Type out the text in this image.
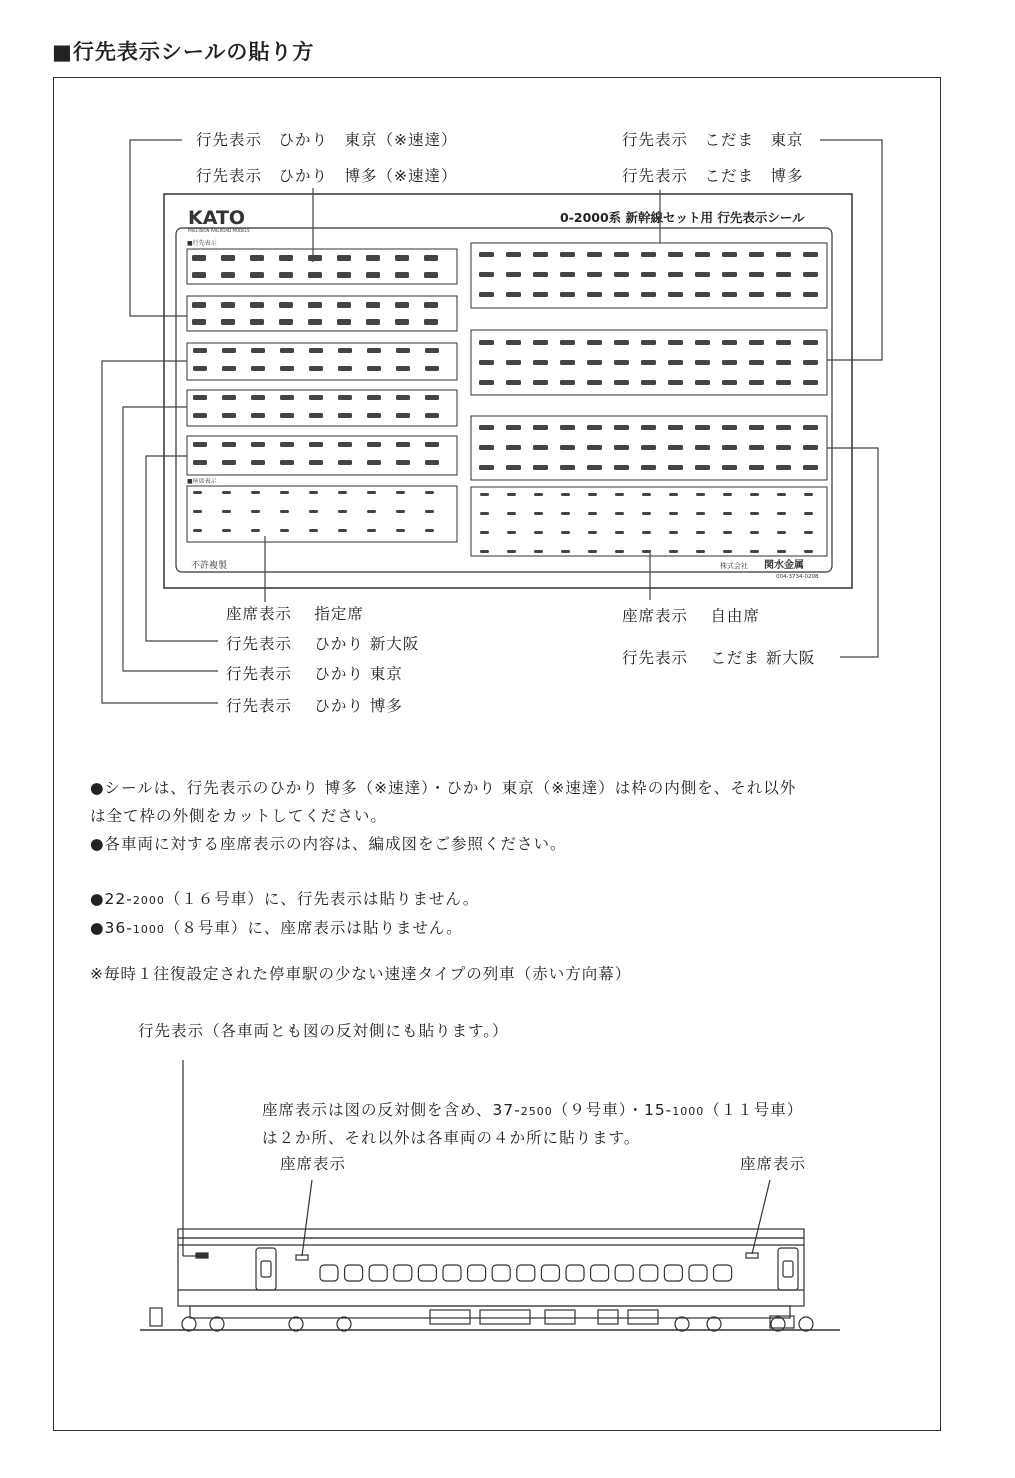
■行先表示シールの貼り方
KATO
PRECISION RAILROAD MODELS
0-2000系 新幹線セット用 行先表示シール
■行先表示
■座席表示
不許複製	株式会社 関水金属
004-3734-0208
行先表示　ひかり　東京（※速達）
行先表示　ひかり　博多（※速達）
行先表示　こだま　東京
行先表示　こだま　博多
座席表示　 指定席
行先表示　 ひかり 新大阪
行先表示　 ひかり 東京
行先表示　 ひかり 博多
座席表示　 自由席
行先表示　 こだま 新大阪
●シールは、行先表示のひかり 博多（※速達）・ひかり 東京（※速達）は枠の内側を、それ以外
は全て枠の外側をカットしてください。
●各車両に対する座席表示の内容は、編成図をご参照ください。
●22-2000（１６号車）に、行先表示は貼りません。
●36-1000（８号車）に、座席表示は貼りません。
※毎時１往復設定された停車駅の少ない速達タイプの列車（赤い方向幕）
行先表示（各車両とも図の反対側にも貼ります。）
座席表示は図の反対側を含め、37-2500（９号車）・15-1000（１１号車）
は２か所、それ以外は各車両の４か所に貼ります。
座席表示	座席表示
